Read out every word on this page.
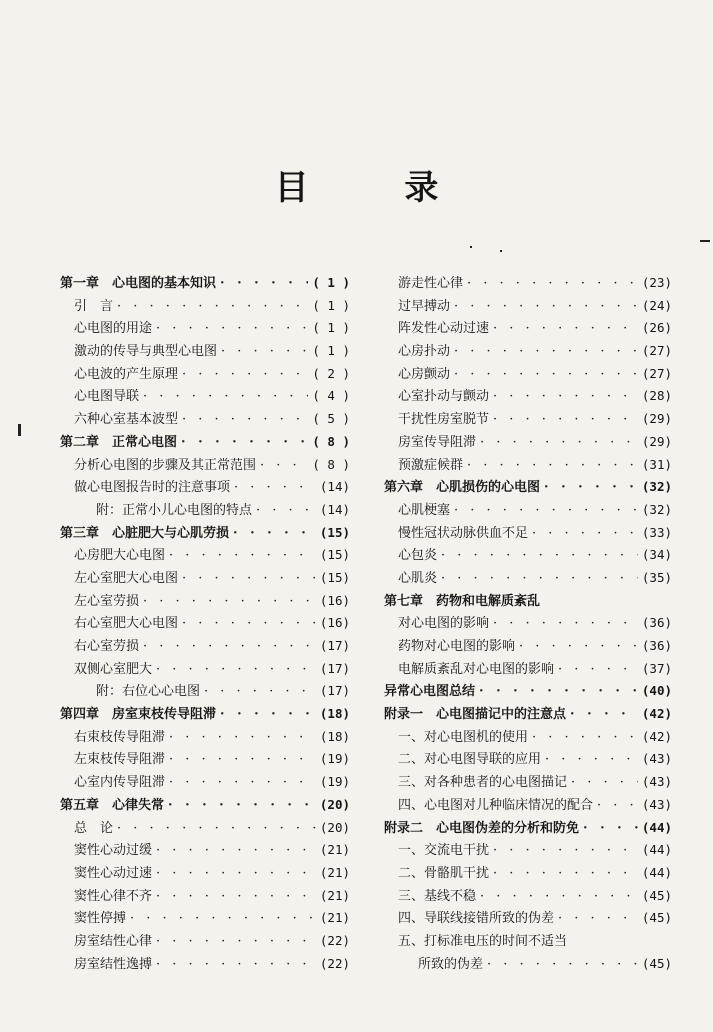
目 录
第一章　心电图的基本知识 · · ·	( 1 )
引　言 · · ·	( 1 )
心电图的用途 · · ·	( 1 )
激动的传导与典型心电图 · · ·	( 1 )
心电波的产生原理 · · ·	( 2 )
心电图导联 · · ·	( 4 )
六种心室基本波型 · · ·	( 5 )
第二章　正常心电图 · · ·	( 8 )
分析心电图的步骤及其正常范围 · · ·	( 8 )
做心电图报告时的注意事项 · · ·	(14)
附：正常小儿心电图的特点 · · ·	(14)
第三章　心脏肥大与心肌劳损 · · ·	(15)
心房肥大心电图 · · ·	(15)
左心室肥大心电图 · · ·	(15)
左心室劳损 · · ·	(16)
右心室肥大心电图 · · ·	(16)
右心室劳损 · · ·	(17)
双侧心室肥大 · · ·	(17)
附：右位心心电图 · · ·	(17)
第四章　房室束枝传导阻滞 · · ·	(18)
右束枝传导阻滞 · · ·	(18)
左束枝传导阻滞 · · ·	(19)
心室内传导阻滞 · · ·	(19)
第五章　心律失常 · · ·	(20)
总　论 · · ·	(20)
窦性心动过缓 · · ·	(21)
窦性心动过速 · · ·	(21)
窦性心律不齐 · · ·	(21)
窦性停搏 · · ·	(21)
房室结性心律 · · ·	(22)
房室结性逸搏 · · ·	(22)
游走性心律 · · ·	(23)
过早搏动 · · ·	(24)
阵发性心动过速 · · ·	(26)
心房扑动 · · ·	(27)
心房颤动 · · ·	(27)
心室扑动与颤动 · · ·	(28)
干扰性房室脱节 · · ·	(29)
房室传导阻滞 · · ·	(29)
预激症候群 · · ·	(31)
第六章　心肌损伤的心电图 · · ·	(32)
心肌梗塞 · · ·	(32)
慢性冠状动脉供血不足 · · ·	(33)
心包炎 · · ·	(34)
心肌炎 · · ·	(35)
第七章　药物和电解质紊乱
对心电图的影响 · · ·	(36)
药物对心电图的影响 · · ·	(36)
电解质紊乱对心电图的影响 · · ·	(37)
异常心电图总结 · · ·	(40)
附录一　心电图描记中的注意点 · · ·	(42)
一、对心电图机的使用 · · ·	(42)
二、对心电图导联的应用 · · ·	(43)
三、对各种患者的心电图描记 · · ·	(43)
四、心电图对儿种临床情况的配合 · · ·	(43)
附录二　心电图伪差的分析和防免 · · ·	(44)
一、交流电干扰 · · ·	(44)
二、骨骼肌干扰 · · ·	(44)
三、基线不稳 · · ·	(45)
四、导联线接错所致的伪差 · · ·	(45)
五、打标准电压的时间不适当
所致的伪差 · · ·	(45)
